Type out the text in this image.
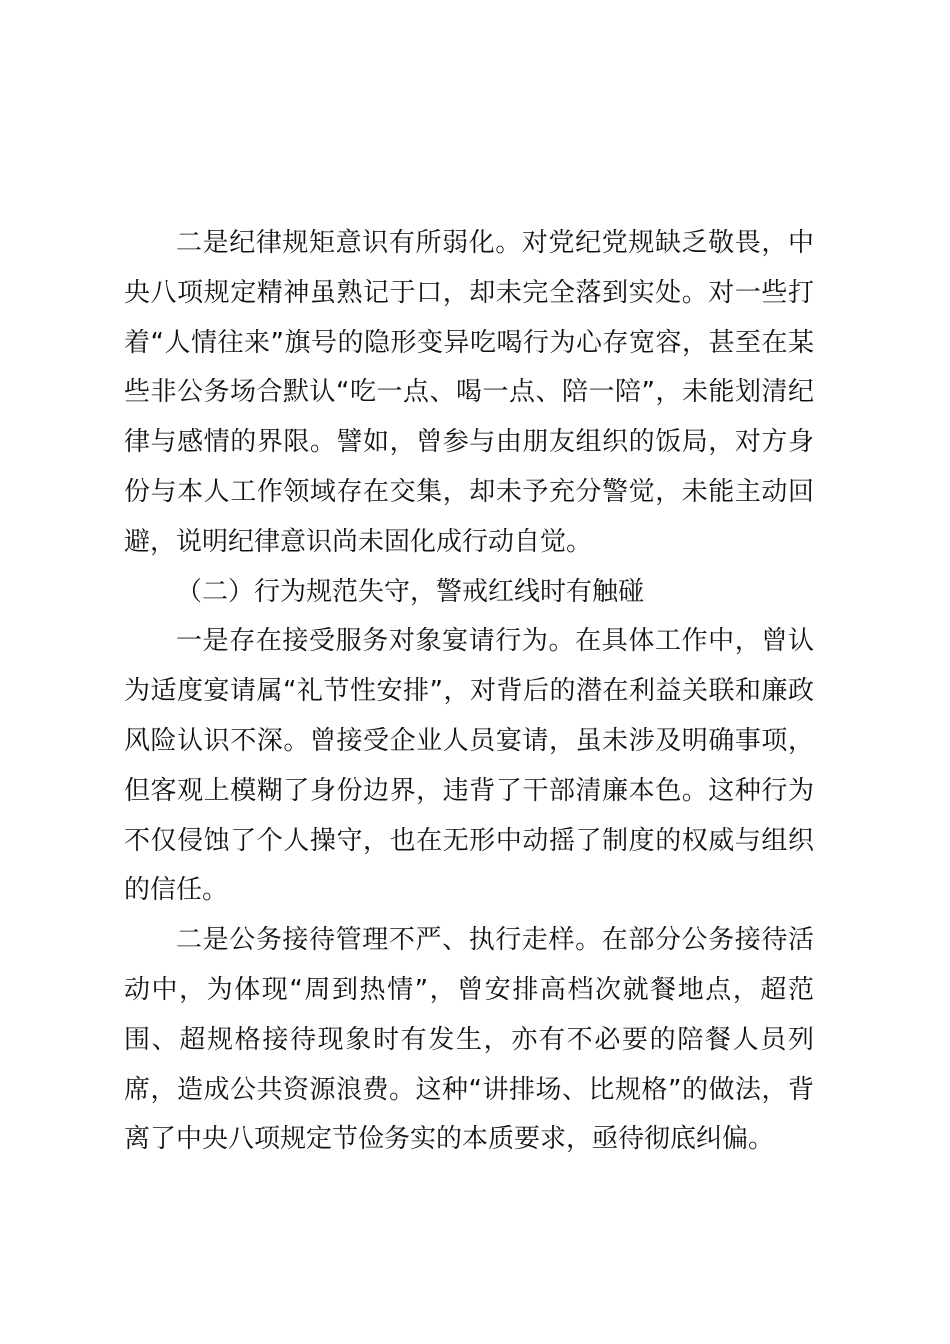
二是纪律规矩意识有所弱化。对党纪党规缺乏敬畏，中央八项规定精神虽熟记于口，却未完全落到实处。对一些打着“人情往来”旗号的隐形变异吃喝行为心存宽容，甚至在某些非公务场合默认“吃一点、喝一点、陪一陪”，未能划清纪律与感情的界限。譬如，曾参与由朋友组织的饭局，对方身份与本人工作领域存在交集，却未予充分警觉，未能主动回避，说明纪律意识尚未固化成行动自觉。

（二）行为规范失守，警戒红线时有触碰

一是存在接受服务对象宴请行为。在具体工作中，曾认为适度宴请属“礼节性安排”，对背后的潜在利益关联和廉政风险认识不深。曾接受企业人员宴请，虽未涉及明确事项，但客观上模糊了身份边界，违背了干部清廉本色。这种行为不仅侵蚀了个人操守，也在无形中动摇了制度的权威与组织的信任。

二是公务接待管理不严、执行走样。在部分公务接待活动中，为体现“周到热情”，曾安排高档次就餐地点，超范围、超规格接待现象时有发生，亦有不必要的陪餐人员列席，造成公共资源浪费。这种“讲排场、比规格”的做法，背离了中央八项规定节俭务实的本质要求，亟待彻底纠偏。
